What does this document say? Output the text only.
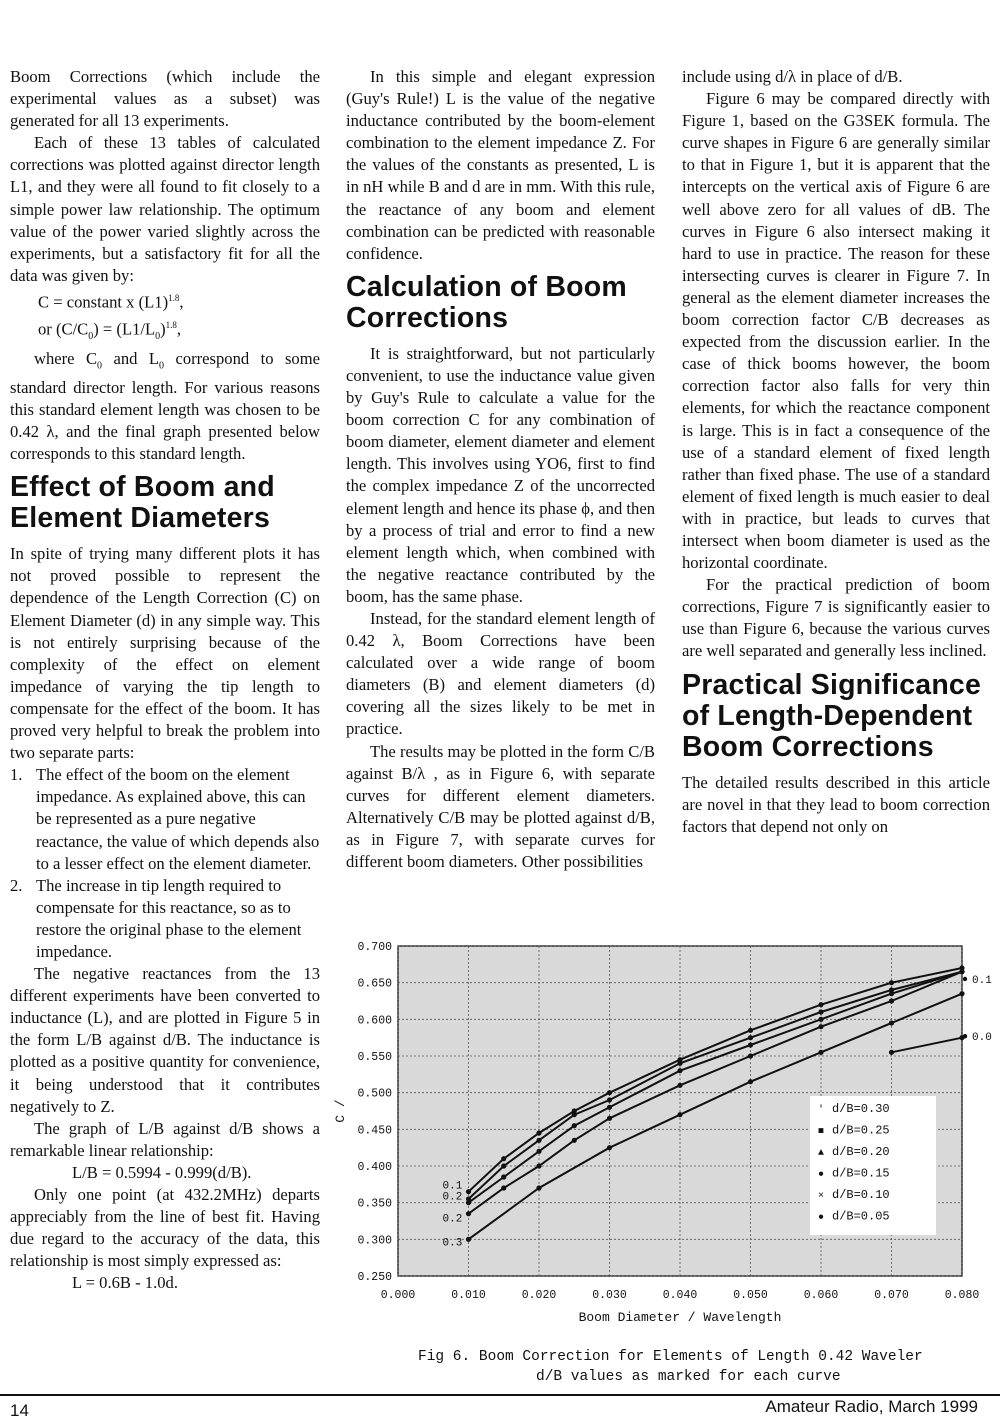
Boom Corrections (which include the experimental values as a subset) was generated for all 13 experiments.

Each of these 13 tables of calculated corrections was plotted against director length L1, and they were all found to fit closely to a simple power law relationship. The optimum value of the power varied slightly across the experiments, but a satisfactory fit for all the data was given by:

C = constant x $(L1)^{1.8}$,

or $(C/C_0) = (L1/L_0)^{1.8}$,

where $C_0$ and $L_0$ correspond to some standard director length. For various reasons this standard element length was chosen to be 0.42 λ, and the final graph presented below corresponds to this standard length.

Effect of Boom and Element Diameters

In spite of trying many different plots it has not proved possible to represent the dependence of the Length Correction (C) on Element Diameter (d) in any simple way. This is not entirely surprising because of the complexity of the effect on element impedance of varying the tip length to compensate for the effect of the boom. It has proved very helpful to break the problem into two separate parts:

1. The effect of the boom on the element impedance. As explained above, this can be represented as a pure negative reactance, the value of which depends also to a lesser effect on the element diameter.
2. The increase in tip length required to compensate for this reactance, so as to restore the original phase to the element impedance.

The negative reactances from the 13 different experiments have been converted to inductance (L), and are plotted in Figure 5 in the form L/B against d/B. The inductance is plotted as a positive quantity for convenience, it being understood that it contributes negatively to Z.

The graph of L/B against d/B shows a remarkable linear relationship:

L/B = 0.5994 - 0.999(d/B).

Only one point (at 432.2MHz) departs appreciably from the line of best fit. Having due regard to the accuracy of the data, this relationship is most simply expressed as:

L = 0.6B - 1.0d.

In this simple and elegant expression (Guy's Rule!) L is the value of the negative inductance contributed by the boom-element combination to the element impedance Z. For the values of the constants as presented, L is in nH while B and d are in mm. With this rule, the reactance of any boom and element combination can be predicted with reasonable confidence.

Calculation of Boom Corrections

It is straightforward, but not particularly convenient, to use the inductance value given by Guy's Rule to calculate a value for the boom correction C for any combination of boom diameter, element diameter and element length. This involves using YO6, first to find the complex impedance Z of the uncorrected element length and hence its phase ϕ, and then by a process of trial and error to find a new element length which, when combined with the negative reactance contributed by the boom, has the same phase.

Instead, for the standard element length of 0.42 λ, Boom Corrections have been calculated over a wide range of boom diameters (B) and element diameters (d) covering all the sizes likely to be met in practice.

The results may be plotted in the form C/B against B/λ , as in Figure 6, with separate curves for different element diameters. Alternatively C/B may be plotted against d/B, as in Figure 7, with separate curves for different boom diameters. Other possibilities

include using d/λ in place of d/B.

Figure 6 may be compared directly with Figure 1, based on the G3SEK formula. The curve shapes in Figure 6 are generally similar to that in Figure 1, but it is apparent that the intercepts on the vertical axis of Figure 6 are well above zero for all values of dB. The curves in Figure 6 also intersect making it hard to use in practice. The reason for these intersecting curves is clearer in Figure 7. In general as the element diameter increases the boom correction factor C/B decreases as expected from the discussion earlier. In the case of thick booms however, the boom correction factor also falls for very thin elements, for which the reactance component is large. This is in fact a consequence of the use of a standard element of fixed length rather than fixed phase. The use of a standard element of fixed length is much easier to deal with in practice, but leads to curves that intersect when boom diameter is used as the horizontal coordinate.

For the practical prediction of boom corrections, Figure 7 is significantly easier to use than Figure 6, because the various curves are well separated and generally less inclined.

Practical Significance of Length-Dependent Boom Corrections

The detailed results described in this article are novel in that they lead to boom correction factors that depend not only on

0.000	0.010	0.020	0.030	0.040	0.050	0.060	0.070	0.080
0.250
0.300
0.350
0.400
0.450
0.500
0.550
0.600
0.650
0.700
Boom Diameter / Wavelength
C /
0.1
0.2
0.2
0.3
0.1
0.0
' d/B=0.30
■ d/B=0.25
▲ d/B=0.20
● d/B=0.15
× d/B=0.10
● d/B=0.05
Fig 6. Boom Correction for Elements of Length 0.42 Waveler
d/B values as marked for each curve
14	Amateur Radio, March 1999
